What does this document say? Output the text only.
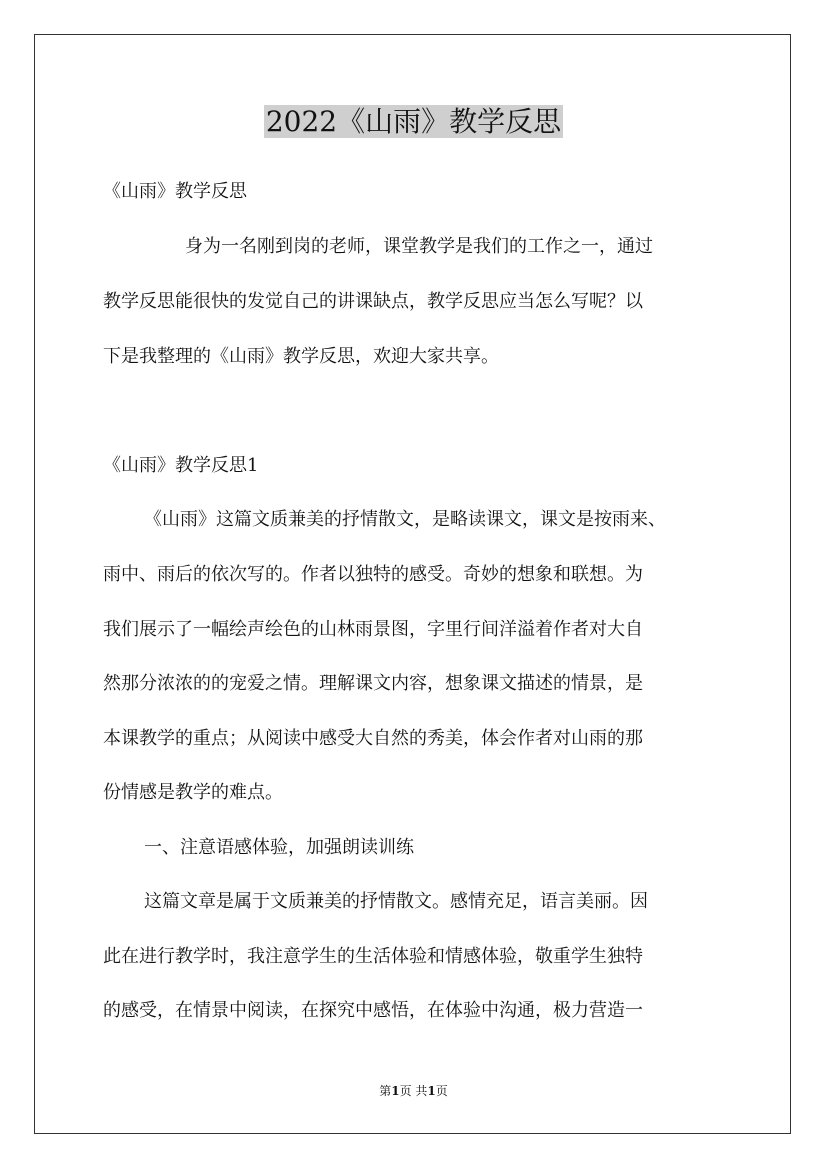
2022《山雨》教学反思
《山雨》教学反思
身为一名刚到岗的老师，课堂教学是我们的工作之一，通过
教学反思能很快的发觉自己的讲课缺点，教学反思应当怎么写呢？以
下是我整理的《山雨》教学反思，欢迎大家共享。
《山雨》教学反思1
《山雨》这篇文质兼美的抒情散文，是略读课文，课文是按雨来、
雨中、雨后的依次写的。作者以独特的感受。奇妙的想象和联想。为
我们展示了一幅绘声绘色的山林雨景图，字里行间洋溢着作者对大自
然那分浓浓的的宠爱之情。理解课文内容，想象课文描述的情景，是
本课教学的重点；从阅读中感受大自然的秀美，体会作者对山雨的那
份情感是教学的难点。
一、注意语感体验，加强朗读训练
这篇文章是属于文质兼美的抒情散文。感情充足，语言美丽。因
此在进行教学时，我注意学生的生活体验和情感体验，敬重学生独特
的感受，在情景中阅读，在探究中感悟，在体验中沟通，极力营造一
第1页 共1页
